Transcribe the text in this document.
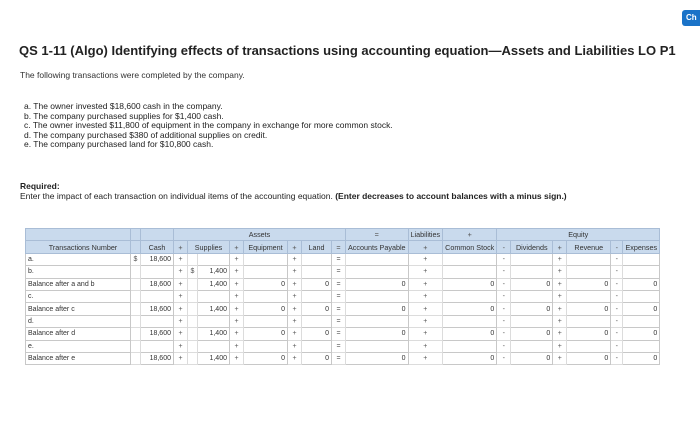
Ch
QS 1-11 (Algo) Identifying effects of transactions using accounting equation—Assets and Liabilities LO P1
The following transactions were completed by the company.
a. The owner invested $18,600 cash in the company.
b. The company purchased supplies for $1,400 cash.
c. The owner invested $11,800 of equipment in the company in exchange for more common stock.
d. The company purchased $380 of additional supplies on credit.
e. The company purchased land for $10,800 cash.
Required:
Enter the impact of each transaction on individual items of the accounting equation. (Enter decreases to account balances with a minus sign.)
			Assets								=	Liabilities	+	Equity					
Transactions Number		Cash	+	Supplies		+	Equipment	+	Land	=	Accounts Payable	+	Common Stock	-	Dividends	+	Revenue	-	Expenses
a.	$	18,600	+			+		+		=		+		-		+		-	
b.			+	$	1,400	+		+		=		+		-		+		-	
Balance after a and b		18,600	+		1,400	+	0	+	0	=	0	+	0	-	0	+	0	-	0
c.			+			+		+		=		+		-		+		-	
Balance after c		18,600	+		1,400	+	0	+	0	=	0	+	0	-	0	+	0	-	0
d.			+			+		+		=		+		-		+		-	
Balance after d		18,600	+		1,400	+	0	+	0	=	0	+	0	-	0	+	0	-	0
e.			+			+		+		=		+		-		+		-	
Balance after e		18,600	+		1,400	+	0	+	0	=	0	+	0	-	0	+	0	-	0
